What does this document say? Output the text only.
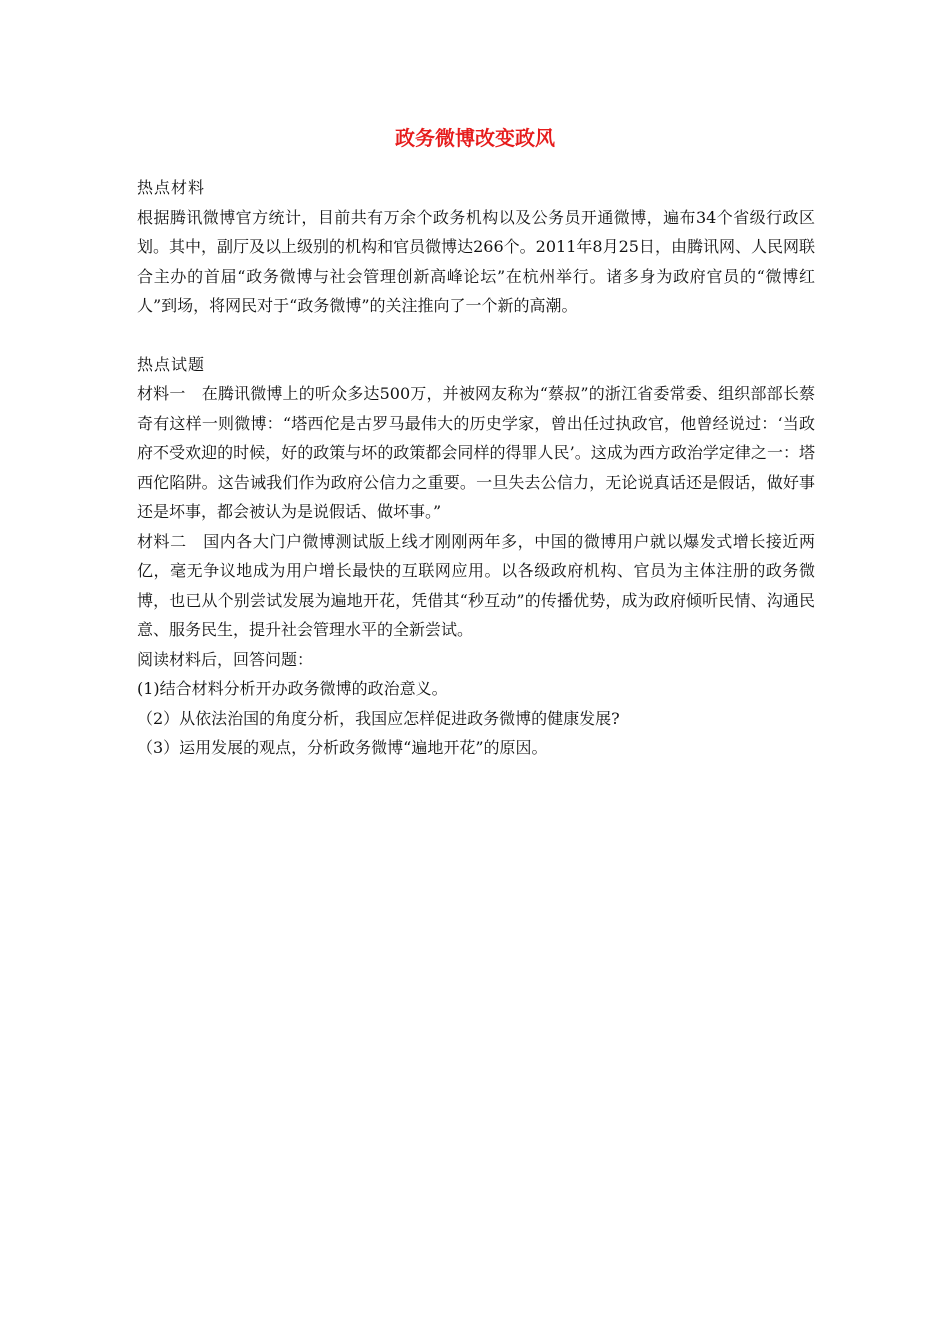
政务微博改变政风

热点材料

根据腾讯微博官方统计，目前共有万余个政务机构以及公务员开通微博，遍布34个省级行政区划。其中，副厅及以上级别的机构和官员微博达266个。2011年8月25日，由腾讯网、人民网联合主办的首届“政务微博与社会管理创新高峰论坛”在杭州举行。诸多身为政府官员的“微博红人”到场，将网民对于“政务微博”的关注推向了一个新的高潮。

热点试题

材料一　在腾讯微博上的听众多达500万，并被网友称为“蔡叔”的浙江省委常委、组织部部长蔡奇有这样一则微博：“塔西佗是古罗马最伟大的历史学家，曾出任过执政官，他曾经说过：‘当政府不受欢迎的时候，好的政策与坏的政策都会同样的得罪人民’。这成为西方政治学定律之一：塔西佗陷阱。这告诫我们作为政府公信力之重要。一旦失去公信力，无论说真话还是假话，做好事还是坏事，都会被认为是说假话、做坏事。”

材料二　国内各大门户微博测试版上线才刚刚两年多，中国的微博用户就以爆发式增长接近两亿，毫无争议地成为用户增长最快的互联网应用。以各级政府机构、官员为主体注册的政务微博，也已从个别尝试发展为遍地开花，凭借其“秒互动”的传播优势，成为政府倾听民情、沟通民意、服务民生，提升社会管理水平的全新尝试。

阅读材料后，回答问题：

(1)结合材料分析开办政务微博的政治意义。

（2）从依法治国的角度分析，我国应怎样促进政务微博的健康发展?

（3）运用发展的观点，分析政务微博“遍地开花”的原因。
